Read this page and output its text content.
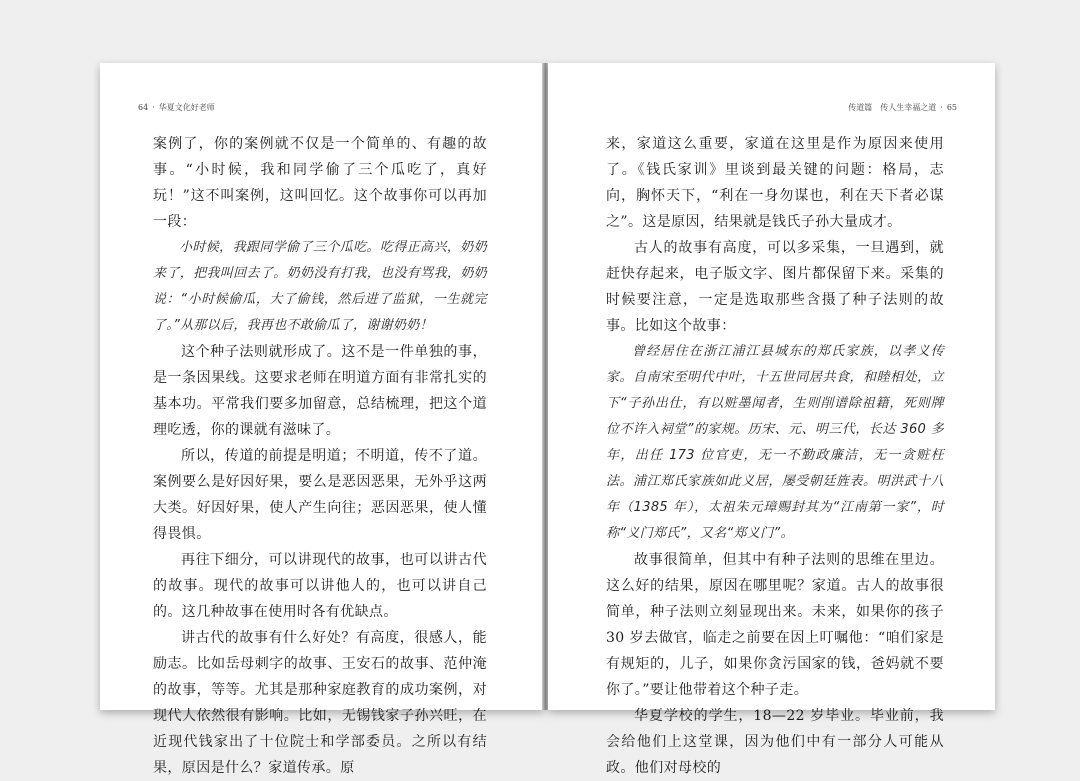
64 · 华夏文化好老师

案例了，你的案例就不仅是一个简单的、有趣的故事。“小时候，我和同学偷了三个瓜吃了，真好玩！”这不叫案例，这叫回忆。这个故事你可以再加一段：

小时候，我跟同学偷了三个瓜吃。吃得正高兴，奶奶来了，把我叫回去了。奶奶没有打我，也没有骂我，奶奶说：“小时候偷瓜，大了偷钱，然后进了监狱，一生就完了。”从那以后，我再也不敢偷瓜了，谢谢奶奶！

这个种子法则就形成了。这不是一件单独的事，是一条因果线。这要求老师在明道方面有非常扎实的基本功。平常我们要多加留意，总结梳理，把这个道理吃透，你的课就有滋味了。

所以，传道的前提是明道；不明道，传不了道。案例要么是好因好果，要么是恶因恶果，无外乎这两大类。好因好果，使人产生向往；恶因恶果，使人懂得畏惧。

再往下细分，可以讲现代的故事，也可以讲古代的故事。现代的故事可以讲他人的，也可以讲自己的。这几种故事在使用时各有优缺点。

讲古代的故事有什么好处？有高度，很感人，能励志。比如岳母刺字的故事、王安石的故事、范仲淹的故事，等等。尤其是那种家庭教育的成功案例，对现代人依然很有影响。比如，无锡钱家子孙兴旺，在近现代钱家出了十位院士和学部委员。之所以有结果，原因是什么？家道传承。原

传道篇　传人生幸福之道 · 65

来，家道这么重要，家道在这里是作为原因来使用了。《钱氏家训》里谈到最关键的问题：格局，志向，胸怀天下，“利在一身勿谋也，利在天下者必谋之”。这是原因，结果就是钱氏子孙大量成才。

古人的故事有高度，可以多采集，一旦遇到，就赶快存起来，电子版文字、图片都保留下来。采集的时候要注意，一定是选取那些含摄了种子法则的故事。比如这个故事：

曾经居住在浙江浦江县城东的郑氏家族，以孝义传家。自南宋至明代中叶，十五世同居共食，和睦相处，立下“子孙出仕，有以赃墨闻者，生则削谱除祖籍，死则牌位不许入祠堂”的家规。历宋、元、明三代，长达 360 多年，出任 173 位官吏，无一不勤政廉洁，无一贪赃枉法。浦江郑氏家族如此义居，屡受朝廷旌表。明洪武十八年（1385 年），太祖朱元璋赐封其为“江南第一家”，时称“义门郑氏”，又名“郑义门”。

故事很简单，但其中有种子法则的思维在里边。这么好的结果，原因在哪里呢？家道。古人的故事很简单，种子法则立刻显现出来。未来，如果你的孩子 30 岁去做官，临走之前要在因上叮嘱他：“咱们家是有规矩的，儿子，如果你贪污国家的钱，爸妈就不要你了。”要让他带着这个种子走。

华夏学校的学生，18—22 岁毕业。毕业前，我会给他们上这堂课，因为他们中有一部分人可能从政。他们对母校的
